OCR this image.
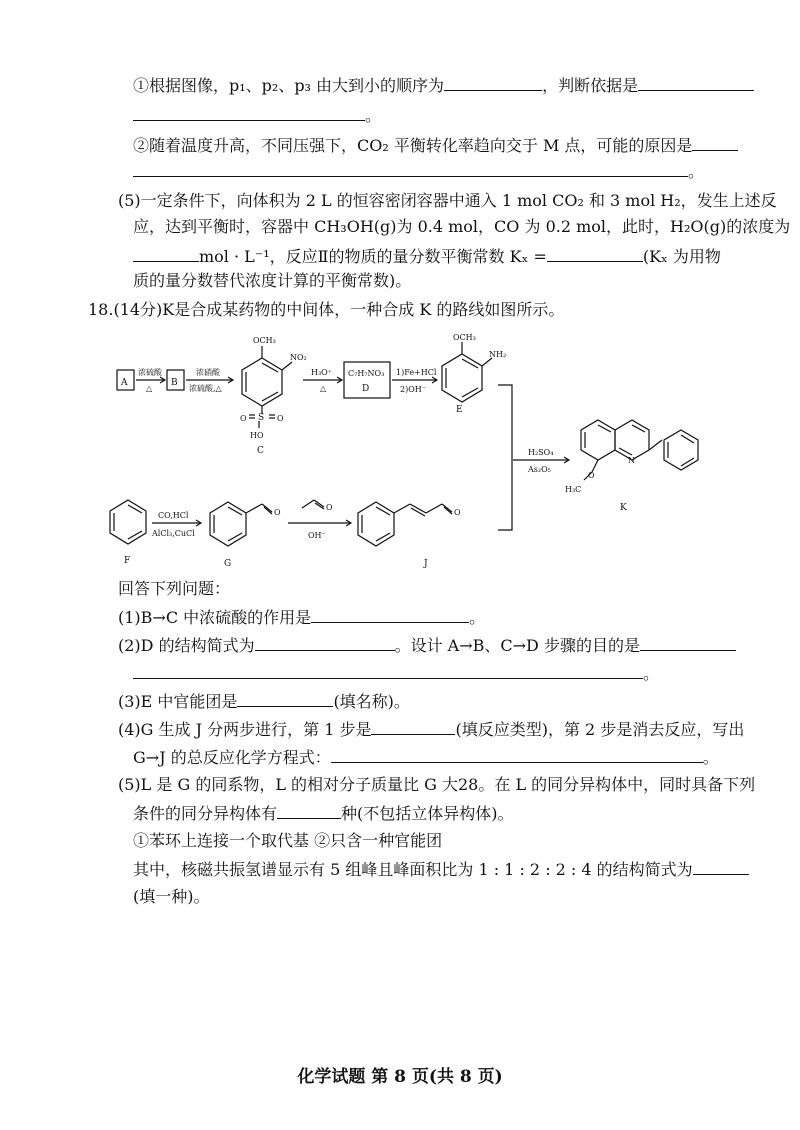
①根据图像，p₁、p₂、p₃ 由大到小的顺序为	，判断依据是
。
②随着温度升高，不同压强下，CO₂ 平衡转化率趋向交于 M 点，可能的原因是
。
(5)一定条件下，向体积为 2 L 的恒容密闭容器中通入 1 mol CO₂ 和 3 mol H₂，发生上述反
应，达到平衡时，容器中 CH₃OH(g)为 0.4 mol，CO 为 0.2 mol，此时，H₂O(g)的浓度为
mol · L⁻¹，反应Ⅱ的物质的量分数平衡常数 Kₓ =	(Kₓ 为用物
质的量分数替代浓度计算的平衡常数)。
18.(14分)K是合成某药物的中间体，一种合成 K 的路线如图所示。
A	B
浓硫酸
△
浓硝酸
浓硫酸,△
OCH₃
NO₂
S
O	O
HO
C
H₃O⁺
△
C₇H₇NO₃
D
1)Fe+HCl
2)OH⁻
OCH₃
NH₂
E
H₂SO₄
As₂O₅
N
O
H₃C
K
F
CO,HCl
AlCl₃,CuCl
O
G
O
OH⁻
O
J
回答下列问题：
(1)B→C 中浓硫酸的作用是	。
(2)D 的结构简式为	。设计 A→B、C→D 步骤的目的是
。
(3)E 中官能团是	(填名称)。
(4)G 生成 J 分两步进行，第 1 步是	(填反应类型)，第 2 步是消去反应，写出
G→J 的总反应化学方程式：	。
(5)L 是 G 的同系物，L 的相对分子质量比 G 大28。在 L 的同分异构体中，同时具备下列
条件的同分异构体有	种(不包括立体异构体)。
①苯环上连接一个取代基 ②只含一种官能团
其中，核磁共振氢谱显示有 5 组峰且峰面积比为 1 : 1 : 2 : 2 : 4 的结构简式为
(填一种)。
化学试题 第 8 页(共 8 页)
